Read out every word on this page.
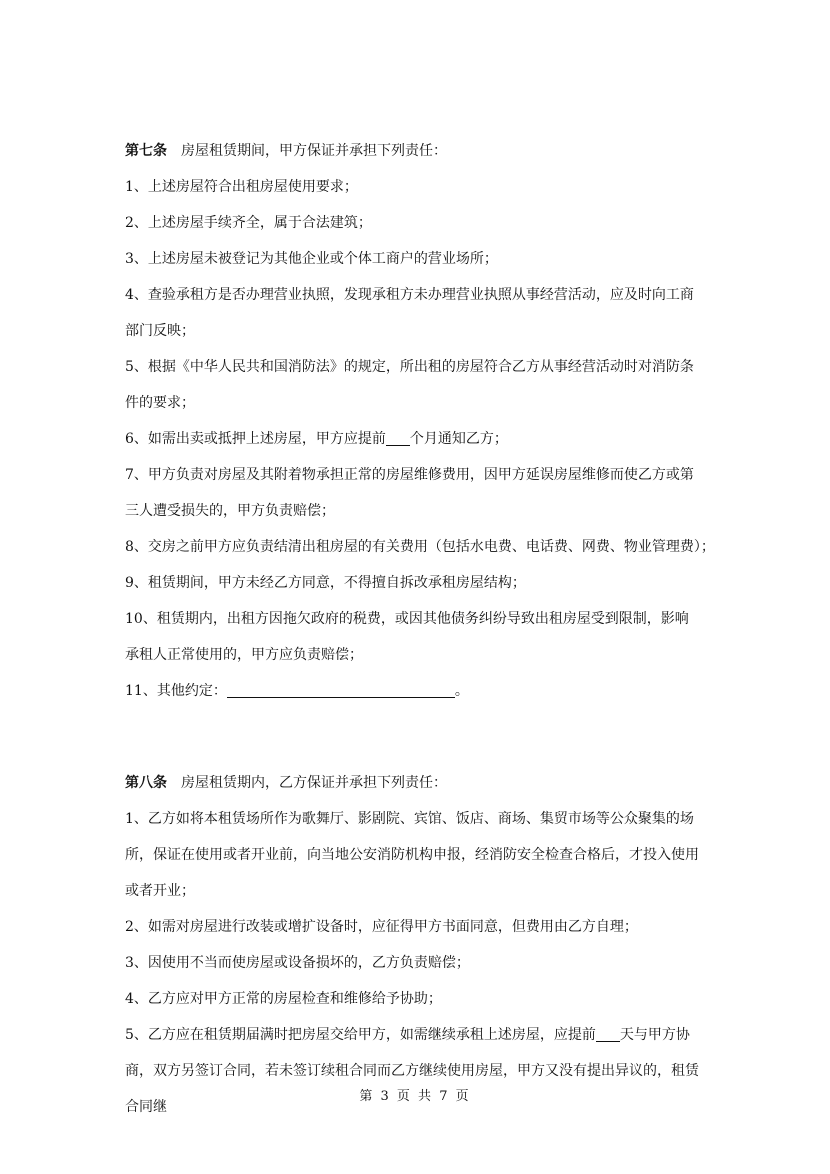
第七条 房屋租赁期间，甲方保证并承担下列责任：

1、上述房屋符合出租房屋使用要求；

2、上述房屋手续齐全，属于合法建筑；

3、上述房屋未被登记为其他企业或个体工商户的营业场所；

4、查验承租方是否办理营业执照，发现承租方未办理营业执照从事经营活动，应及时向工商部门反映；

5、根据《中华人民共和国消防法》的规定，所出租的房屋符合乙方从事经营活动时对消防条件的要求；

6、如需出卖或抵押上述房屋，甲方应提前 个月通知乙方；

7、甲方负责对房屋及其附着物承担正常的房屋维修费用，因甲方延误房屋维修而使乙方或第三人遭受损失的，甲方负责赔偿；

8、交房之前甲方应负责结清出租房屋的有关费用（包括水电费、电话费、网费、物业管理费）；

9、租赁期间，甲方未经乙方同意，不得擅自拆改承租房屋结构；

10、租赁期内，出租方因拖欠政府的税费，或因其他债务纠纷导致出租房屋受到限制，影响承租人正常使用的，甲方应负责赔偿；

11、其他约定：	。

第八条 房屋租赁期内，乙方保证并承担下列责任：

1、乙方如将本租赁场所作为歌舞厅、影剧院、宾馆、饭店、商场、集贸市场等公众聚集的场所，保证在使用或者开业前，向当地公安消防机构申报，经消防安全检查合格后，才投入使用或者开业；

2、如需对房屋进行改装或增扩设备时，应征得甲方书面同意，但费用由乙方自理；

3、因使用不当而使房屋或设备损坏的，乙方负责赔偿；

4、乙方应对甲方正常的房屋检查和维修给予协助；

5、乙方应在租赁期届满时把房屋交给甲方，如需继续承租上述房屋，应提前 天与甲方协商，双方另签订合同，若未签订续租合同而乙方继续使用房屋，甲方又没有提出异议的，租赁合同继

第 3 页 共 7 页
